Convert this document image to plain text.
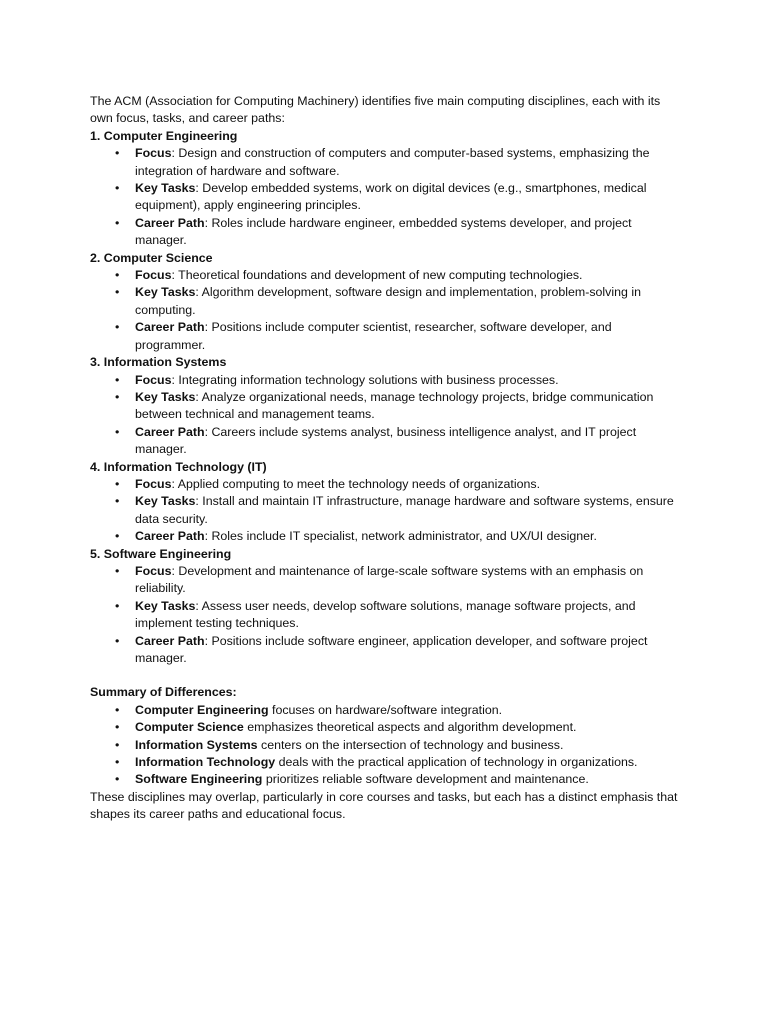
The ACM (Association for Computing Machinery) identifies five main computing disciplines, each with its own focus, tasks, and career paths:

1. Computer Engineering

• Focus: Design and construction of computers and computer-based systems, emphasizing the integration of hardware and software.
• Key Tasks: Develop embedded systems, work on digital devices (e.g., smartphones, medical equipment), apply engineering principles.
• Career Path: Roles include hardware engineer, embedded systems developer, and project manager.

2. Computer Science

• Focus: Theoretical foundations and development of new computing technologies.
• Key Tasks: Algorithm development, software design and implementation, problem-solving in computing.
• Career Path: Positions include computer scientist, researcher, software developer, and programmer.

3. Information Systems

• Focus: Integrating information technology solutions with business processes.
• Key Tasks: Analyze organizational needs, manage technology projects, bridge communication between technical and management teams.
• Career Path: Careers include systems analyst, business intelligence analyst, and IT project manager.

4. Information Technology (IT)

• Focus: Applied computing to meet the technology needs of organizations.
• Key Tasks: Install and maintain IT infrastructure, manage hardware and software systems, ensure data security.
• Career Path: Roles include IT specialist, network administrator, and UX/UI designer.

5. Software Engineering

• Focus: Development and maintenance of large-scale software systems with an emphasis on reliability.
• Key Tasks: Assess user needs, develop software solutions, manage software projects, and implement testing techniques.
• Career Path: Positions include software engineer, application developer, and software project manager.

Summary of Differences:

• Computer Engineering focuses on hardware/software integration.
• Computer Science emphasizes theoretical aspects and algorithm development.
• Information Systems centers on the intersection of technology and business.
• Information Technology deals with the practical application of technology in organizations.
• Software Engineering prioritizes reliable software development and maintenance.

These disciplines may overlap, particularly in core courses and tasks, but each has a distinct emphasis that shapes its career paths and educational focus.
